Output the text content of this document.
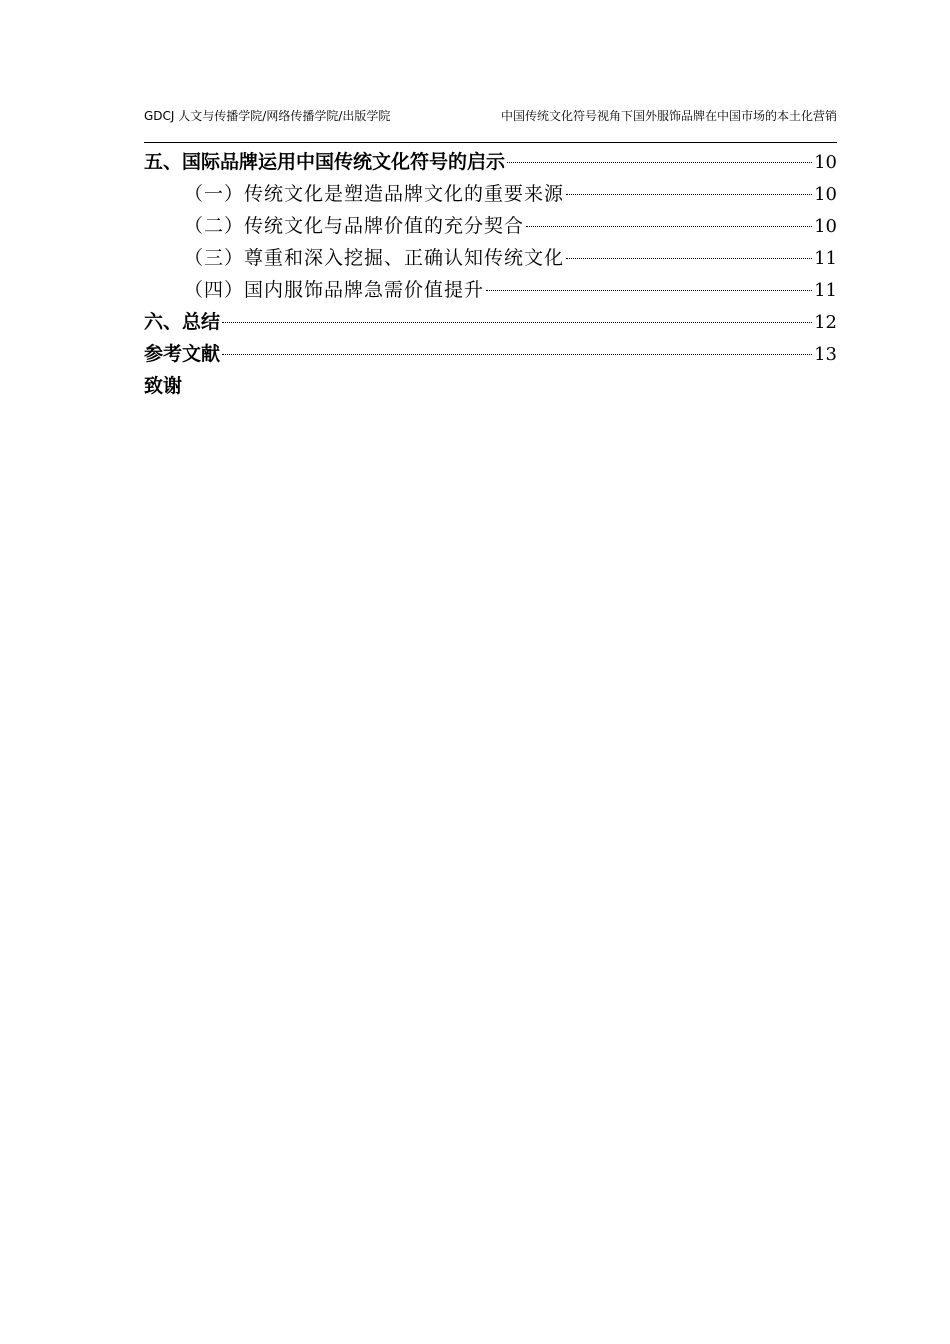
GDCJ 人文与传播学院/网络传播学院/出版学院	中国传统文化符号视角下国外服饰品牌在中国市场的本土化营销
五、国际品牌运用中国传统文化符号的启示	10
（一）传统文化是塑造品牌文化的重要来源	10
（二）传统文化与品牌价值的充分契合	10
（三）尊重和深入挖掘、正确认知传统文化	11
（四）国内服饰品牌急需价值提升	11
六、总结	12
参考文献	13
致谢
